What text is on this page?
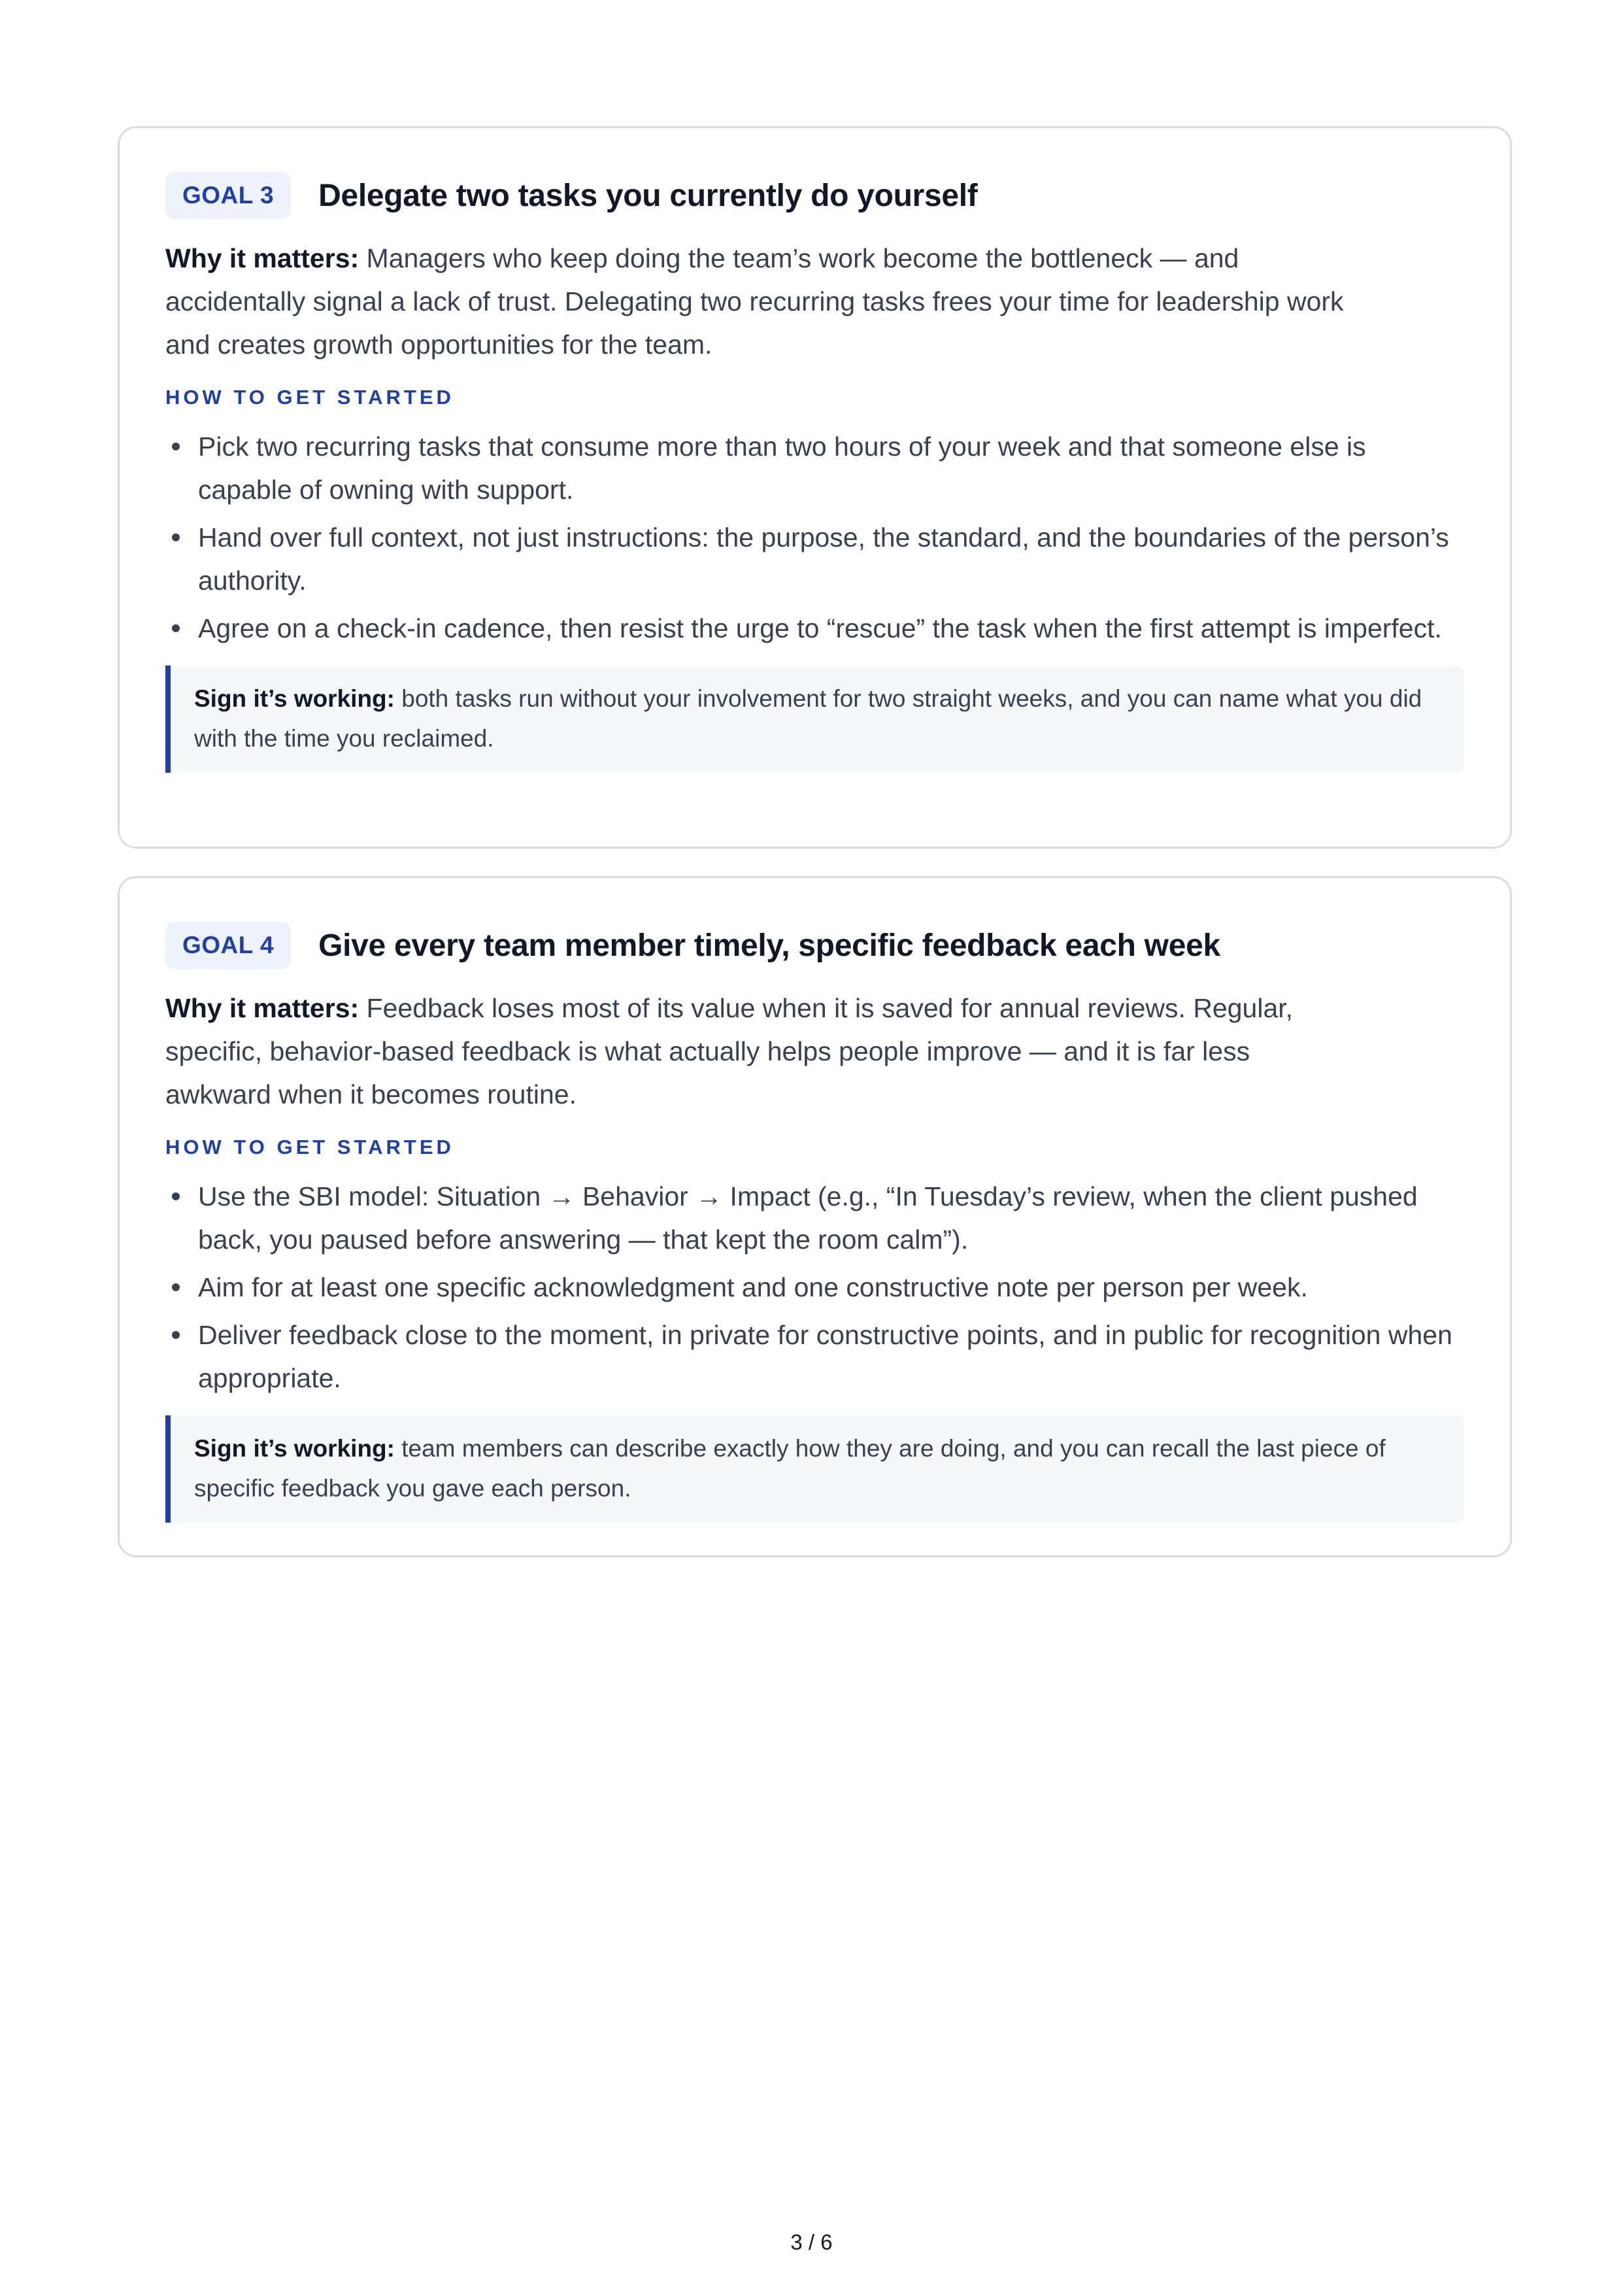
GOAL 3	Delegate two tasks you currently do yourself

Why it matters: Managers who keep doing the team’s work become the bottleneck — and accidentally signal a lack of trust. Delegating two recurring tasks frees your time for leadership work and creates growth opportunities for the team.

HOW TO GET STARTED
Pick two recurring tasks that consume more than two hours of your week and that someone else is capable of owning with support.
Hand over full context, not just instructions: the purpose, the standard, and the boundaries of the person’s authority.
Agree on a check-in cadence, then resist the urge to “rescue” the task when the first attempt is imperfect.
Sign it’s working: both tasks run without your involvement for two straight weeks, and you can name what you did with the time you reclaimed.
GOAL 4	Give every team member timely, specific feedback each week

Why it matters: Feedback loses most of its value when it is saved for annual reviews. Regular, specific, behavior-based feedback is what actually helps people improve — and it is far less awkward when it becomes routine.

HOW TO GET STARTED
Use the SBI model: Situation → Behavior → Impact (e.g., “In Tuesday’s review, when the client pushed back, you paused before answering — that kept the room calm”).
Aim for at least one specific acknowledgment and one constructive note per person per week.
Deliver feedback close to the moment, in private for constructive points, and in public for recognition when appropriate.
Sign it’s working: team members can describe exactly how they are doing, and you can recall the last piece of specific feedback you gave each person.
3 / 6
